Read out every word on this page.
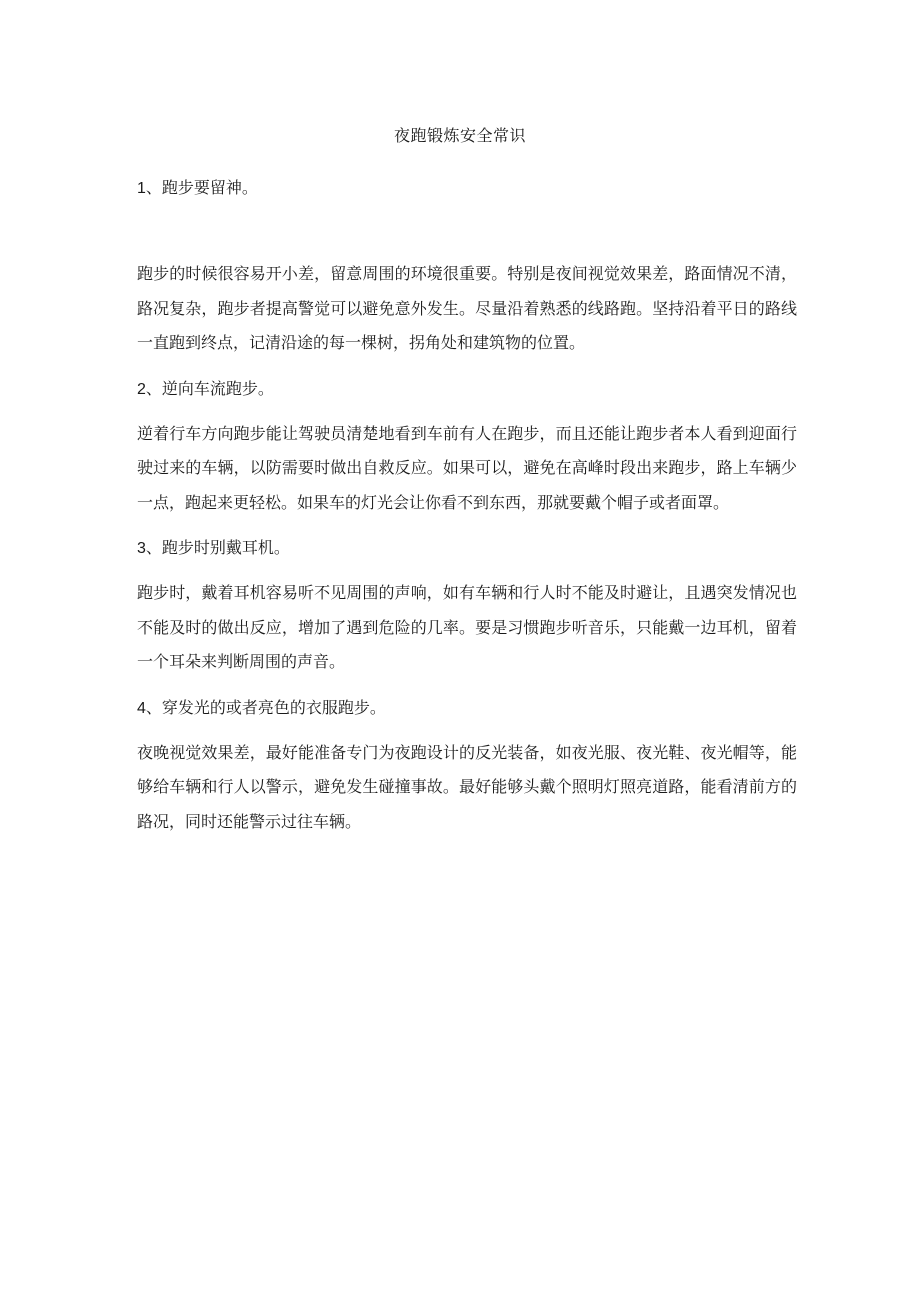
夜跑锻炼安全常识

1、跑步要留神。

跑步的时候很容易开小差，留意周围的环境很重要。特别是夜间视觉效果差，路面情况不清，路况复杂，跑步者提高警觉可以避免意外发生。尽量沿着熟悉的线路跑。坚持沿着平日的路线一直跑到终点，记清沿途的每一棵树，拐角处和建筑物的位置。

2、逆向车流跑步。

逆着行车方向跑步能让驾驶员清楚地看到车前有人在跑步，而且还能让跑步者本人看到迎面行驶过来的车辆，以防需要时做出自救反应。如果可以，避免在高峰时段出来跑步，路上车辆少一点，跑起来更轻松。如果车的灯光会让你看不到东西，那就要戴个帽子或者面罩。

3、跑步时别戴耳机。

跑步时，戴着耳机容易听不见周围的声响，如有车辆和行人时不能及时避让，且遇突发情况也不能及时的做出反应，增加了遇到危险的几率。要是习惯跑步听音乐，只能戴一边耳机，留着一个耳朵来判断周围的声音。

4、穿发光的或者亮色的衣服跑步。

夜晚视觉效果差，最好能准备专门为夜跑设计的反光装备，如夜光服、夜光鞋、夜光帽等，能够给车辆和行人以警示，避免发生碰撞事故。最好能够头戴个照明灯照亮道路，能看清前方的路况，同时还能警示过往车辆。
